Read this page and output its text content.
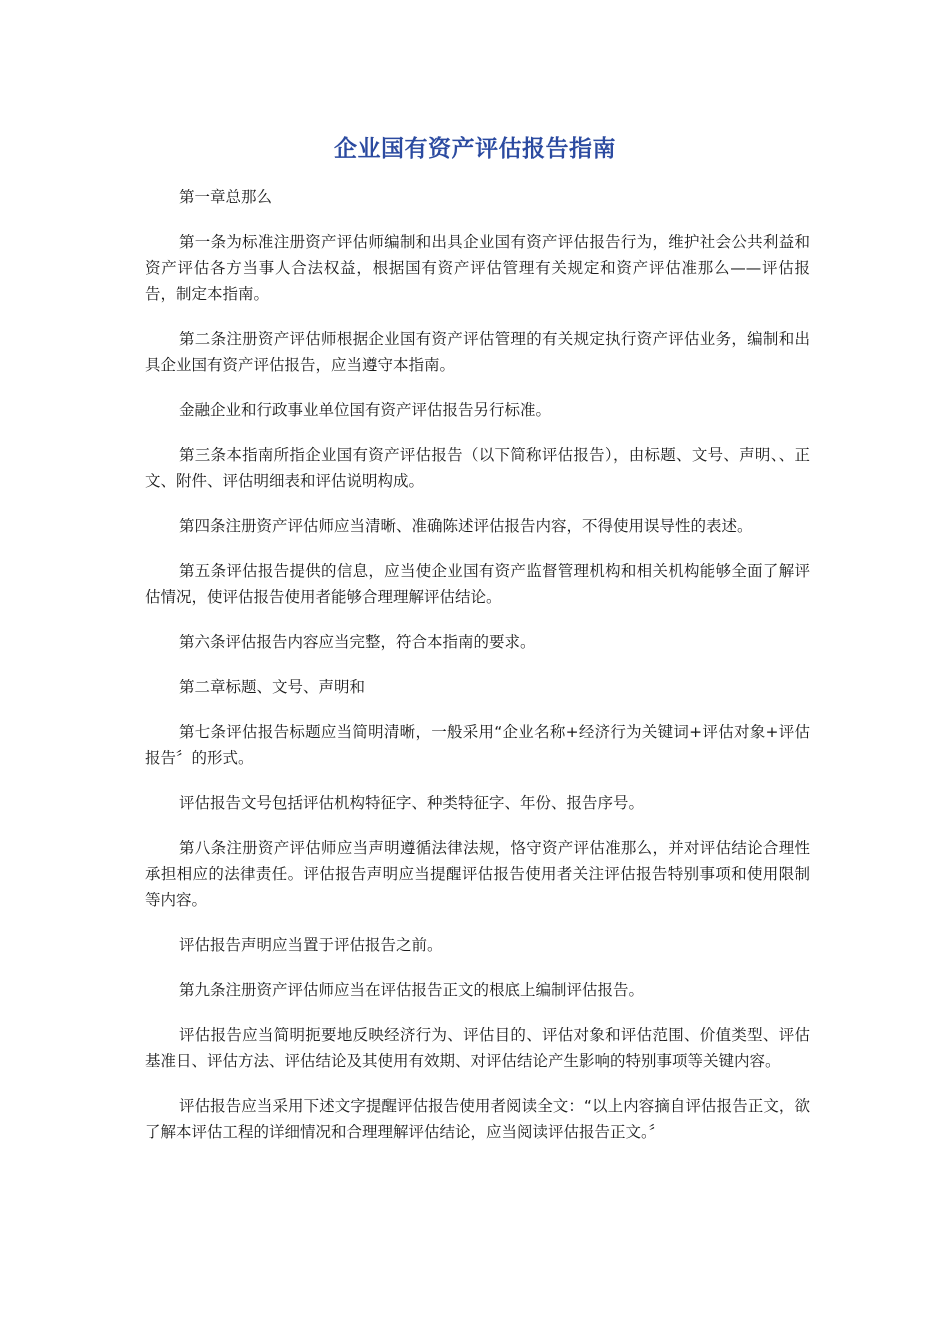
企业国有资产评估报告指南

第一章总那么

第一条为标准注册资产评估师编制和出具企业国有资产评估报告行为，维护社会公共利益和资产评估各方当事人合法权益，根据国有资产评估管理有关规定和资产评估准那么——评估报告，制定本指南。

第二条注册资产评估师根据企业国有资产评估管理的有关规定执行资产评估业务，编制和出具企业国有资产评估报告，应当遵守本指南。

金融企业和行政事业单位国有资产评估报告另行标准。

第三条本指南所指企业国有资产评估报告（以下简称评估报告），由标题、文号、声明、、正文、附件、评估明细表和评估说明构成。

第四条注册资产评估师应当清晰、准确陈述评估报告内容，不得使用误导性的表述。

第五条评估报告提供的信息，应当使企业国有资产监督管理机构和相关机构能够全面了解评估情况，使评估报告使用者能够合理理解评估结论。

第六条评估报告内容应当完整，符合本指南的要求。

第二章标题、文号、声明和

第七条评估报告标题应当简明清晰，一般采用“企业名称+经济行为关键词+评估对象+评估报告〞的形式。

评估报告文号包括评估机构特征字、种类特征字、年份、报告序号。

第八条注册资产评估师应当声明遵循法律法规，恪守资产评估准那么，并对评估结论合理性承担相应的法律责任。评估报告声明应当提醒评估报告使用者关注评估报告特别事项和使用限制等内容。

评估报告声明应当置于评估报告之前。

第九条注册资产评估师应当在评估报告正文的根底上编制评估报告。

评估报告应当简明扼要地反映经济行为、评估目的、评估对象和评估范围、价值类型、评估基准日、评估方法、评估结论及其使用有效期、对评估结论产生影响的特别事项等关键内容。

评估报告应当采用下述文字提醒评估报告使用者阅读全文：“以上内容摘自评估报告正文，欲了解本评估工程的详细情况和合理理解评估结论，应当阅读评估报告正文。〞
